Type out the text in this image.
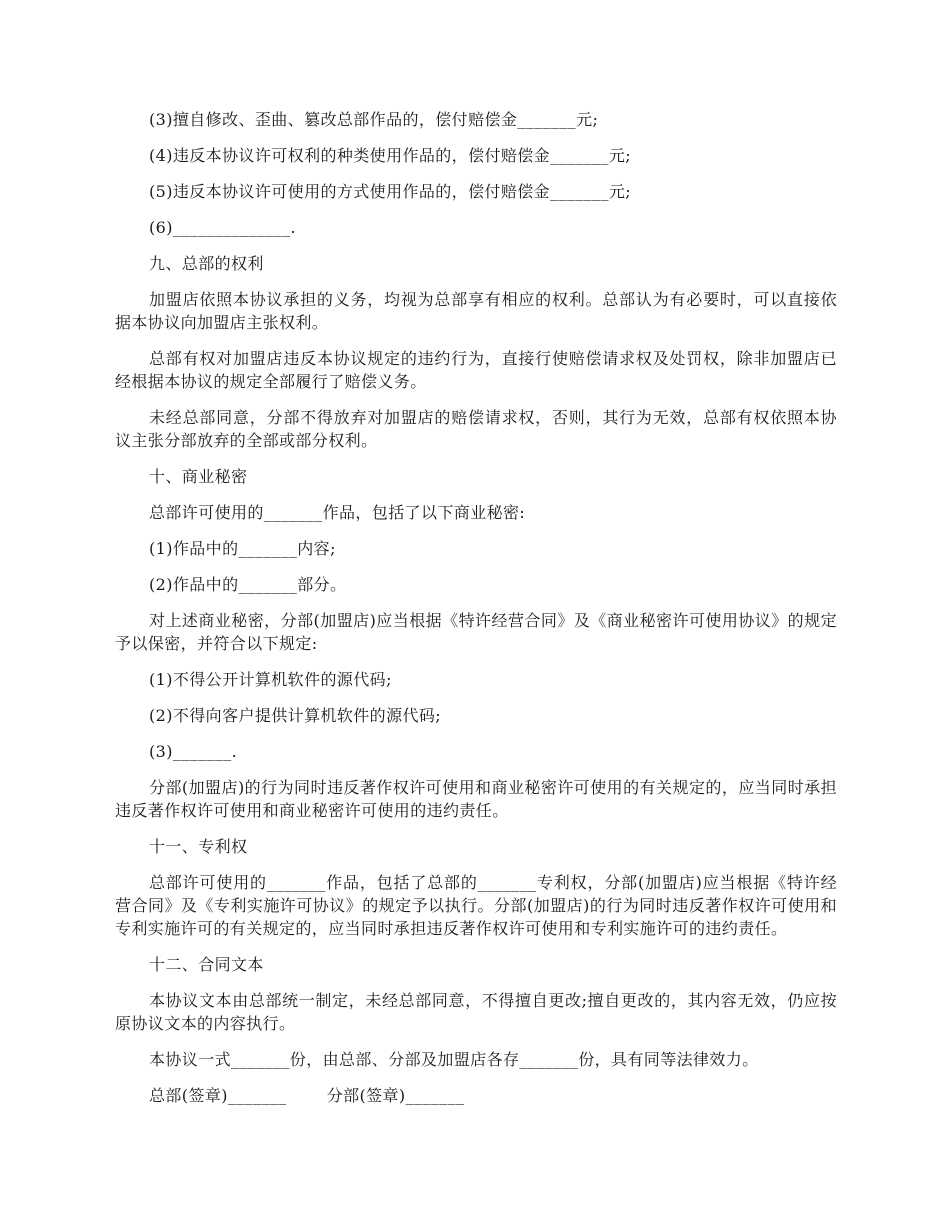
(3)擅自修改、歪曲、篡改总部作品的，偿付赔偿金_______元;

(4)违反本协议许可权利的种类使用作品的，偿付赔偿金_______元;

(5)违反本协议许可使用的方式使用作品的，偿付赔偿金_______元;

(6)______________.

九、总部的权利

加盟店依照本协议承担的义务，均视为总部享有相应的权利。总部认为有必要时，可以直接依据本协议向加盟店主张权利。

总部有权对加盟店违反本协议规定的违约行为，直接行使赔偿请求权及处罚权，除非加盟店已经根据本协议的规定全部履行了赔偿义务。

未经总部同意，分部不得放弃对加盟店的赔偿请求权，否则，其行为无效，总部有权依照本协议主张分部放弃的全部或部分权利。

十、商业秘密

总部许可使用的_______作品，包括了以下商业秘密:

(1)作品中的_______内容;

(2)作品中的_______部分。

对上述商业秘密，分部(加盟店)应当根据《特许经营合同》及《商业秘密许可使用协议》的规定予以保密，并符合以下规定:

(1)不得公开计算机软件的源代码;

(2)不得向客户提供计算机软件的源代码;

(3)_______.

分部(加盟店)的行为同时违反著作权许可使用和商业秘密许可使用的有关规定的，应当同时承担违反著作权许可使用和商业秘密许可使用的违约责任。

十一、专利权

总部许可使用的_______作品，包括了总部的_______专利权，分部(加盟店)应当根据《特许经营合同》及《专利实施许可协议》的规定予以执行。分部(加盟店)的行为同时违反著作权许可使用和专利实施许可的有关规定的，应当同时承担违反著作权许可使用和专利实施许可的违约责任。

十二、合同文本

本协议文本由总部统一制定，未经总部同意，不得擅自更改;擅自更改的，其内容无效，仍应按原协议文本的内容执行。

本协议一式_______份，由总部、分部及加盟店各存_______份，具有同等法律效力。

总部(签章)_______	分部(签章)_______
